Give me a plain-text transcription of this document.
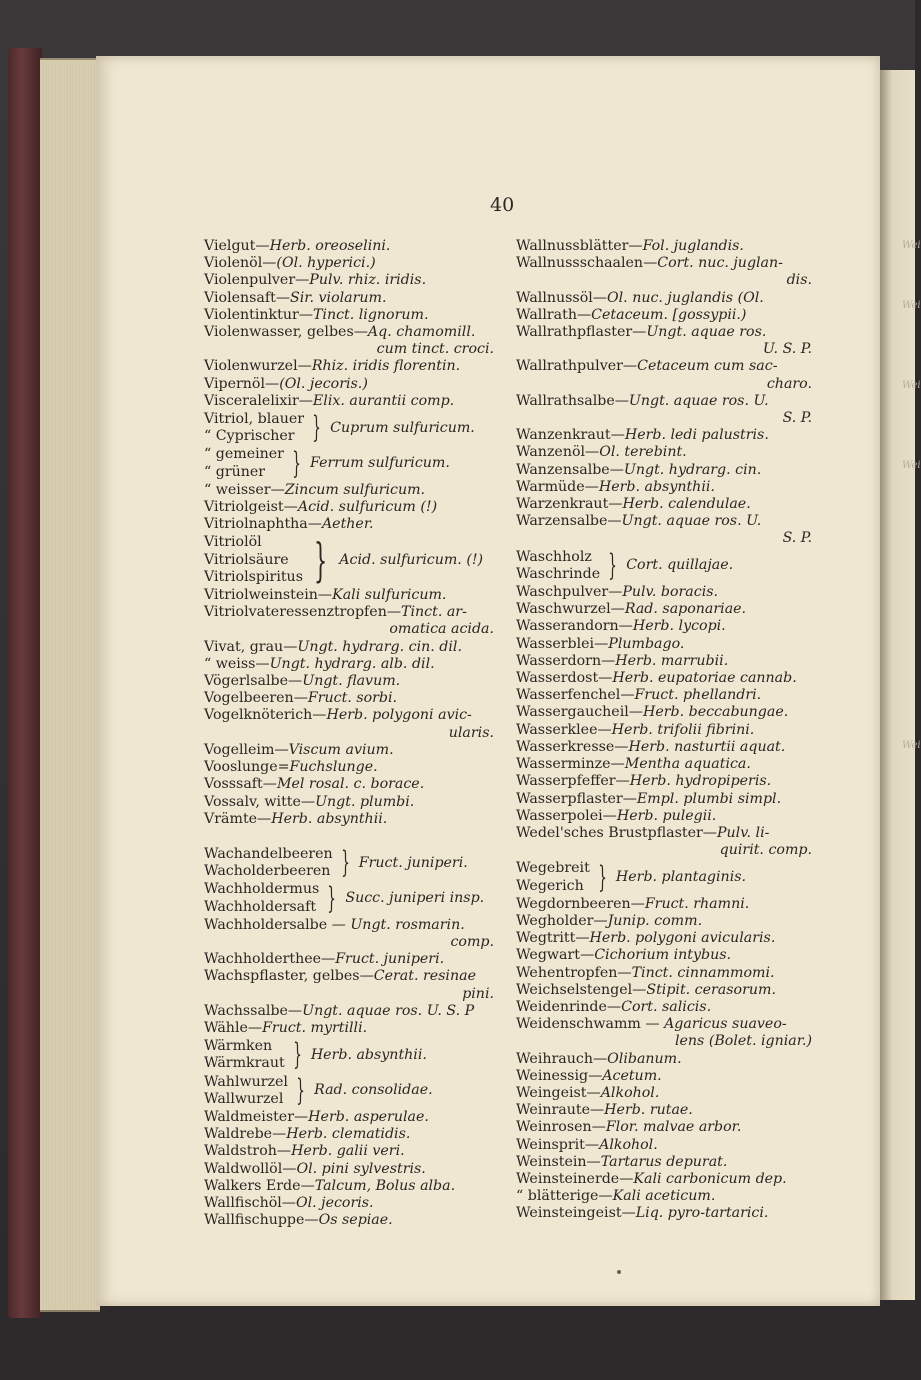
Wei
Wei
Wei
Wei
Wei
40
Vielgut—Herb. oreoselini.
Violenöl—(Ol. hyperici.)
Violenpulver—Pulv. rhiz. iridis.
Violensaft—Sir. violarum.
Violentinktur—Tinct. lignorum.
Violenwasser, gelbes—Aq. chamomill.
cum tinct. croci.
Violenwurzel—Rhiz. iridis florentin.
Vipernöl—(Ol. jecoris.)
Visceralelixir—Elix. aurantii comp.
Vitriol, blauer
“ Cyprischer } Cuprum sulfuricum.
“ gemeiner
“ grüner } Ferrum sulfuricum.
“ weisser—Zincum sulfuricum.
Vitriolgeist—Acid. sulfuricum (!)
Vitriolnaphtha—Aether.
Vitriolöl
Vitriolsäure
Vitriolspiritus } Acid. sulfuricum. (!)
Vitriolweinstein—Kali sulfuricum.
Vitriolvateressenztropfen—Tinct. ar-
omatica acida.
Vivat, grau—Ungt. hydrarg. cin. dil.
“ weiss—Ungt. hydrarg. alb. dil.
Vögerlsalbe—Ungt. flavum.
Vogelbeeren—Fruct. sorbi.
Vogelknöterich—Herb. polygoni avic-
ularis.
Vogelleim—Viscum avium.
Vooslunge=Fuchslunge.
Vosssaft—Mel rosal. c. borace.
Vossalv, witte—Ungt. plumbi.
Vrämte—Herb. absynthii.
Wachandelbeeren
Wacholderbeeren } Fruct. juniperi.
Wachholdermus
Wachholdersaft } Succ. juniperi insp.
Wachholdersalbe — Ungt. rosmarin.
comp.
Wachholderthee—Fruct. juniperi.
Wachspflaster, gelbes—Cerat. resinae
pini.
Wachssalbe—Ungt. aquae ros. U. S. P
Wähle—Fruct. myrtilli.
Wärmken
Wärmkraut } Herb. absynthii.
Wahlwurzel
Wallwurzel } Rad. consolidae.
Waldmeister—Herb. asperulae.
Waldrebe—Herb. clematidis.
Waldstroh—Herb. galii veri.
Waldwollöl—Ol. pini sylvestris.
Walkers Erde—Talcum, Bolus alba.
Wallfischöl—Ol. jecoris.
Wallfischuppe—Os sepiae.
Wallnussblätter—Fol. juglandis.
Wallnussschaalen—Cort. nuc. juglan-
dis.
Wallnussöl—Ol. nuc. juglandis (Ol.
Wallrath—Cetaceum. [gossypii.)
Wallrathpflaster—Ungt. aquae ros.
U. S. P.
Wallrathpulver—Cetaceum cum sac-
charo.
Wallrathsalbe—Ungt. aquae ros. U.
S. P.
Wanzenkraut—Herb. ledi palustris.
Wanzenöl—Ol. terebint.
Wanzensalbe—Ungt. hydrarg. cin.
Warmüde—Herb. absynthii.
Warzenkraut—Herb. calendulae.
Warzensalbe—Ungt. aquae ros. U.
S. P.
Waschholz
Waschrinde } Cort. quillajae.
Waschpulver—Pulv. boracis.
Waschwurzel—Rad. saponariae.
Wasserandorn—Herb. lycopi.
Wasserblei—Plumbago.
Wasserdorn—Herb. marrubii.
Wasserdost—Herb. eupatoriae cannab.
Wasserfenchel—Fruct. phellandri.
Wassergaucheil—Herb. beccabungae.
Wasserklee—Herb. trifolii fibrini.
Wasserkresse—Herb. nasturtii aquat.
Wasserminze—Mentha aquatica.
Wasserpfeffer—Herb. hydropiperis.
Wasserpflaster—Empl. plumbi simpl.
Wasserpolei—Herb. pulegii.
Wedel'sches Brustpflaster—Pulv. li-
quirit. comp.
Wegebreit
Wegerich } Herb. plantaginis.
Wegdornbeeren—Fruct. rhamni.
Wegholder—Junip. comm.
Wegtritt—Herb. polygoni avicularis.
Wegwart—Cichorium intybus.
Wehentropfen—Tinct. cinnammomi.
Weichselstengel—Stipit. cerasorum.
Weidenrinde—Cort. salicis.
Weidenschwamm — Agaricus suaveo-
lens (Bolet. igniar.)
Weihrauch—Olibanum.
Weinessig—Acetum.
Weingeist—Alkohol.
Weinraute—Herb. rutae.
Weinrosen—Flor. malvae arbor.
Weinsprit—Alkohol.
Weinstein—Tartarus depurat.
Weinsteinerde—Kali carbonicum dep.
“ blätterige—Kali aceticum.
Weinsteingeist—Liq. pyro-tartarici.
